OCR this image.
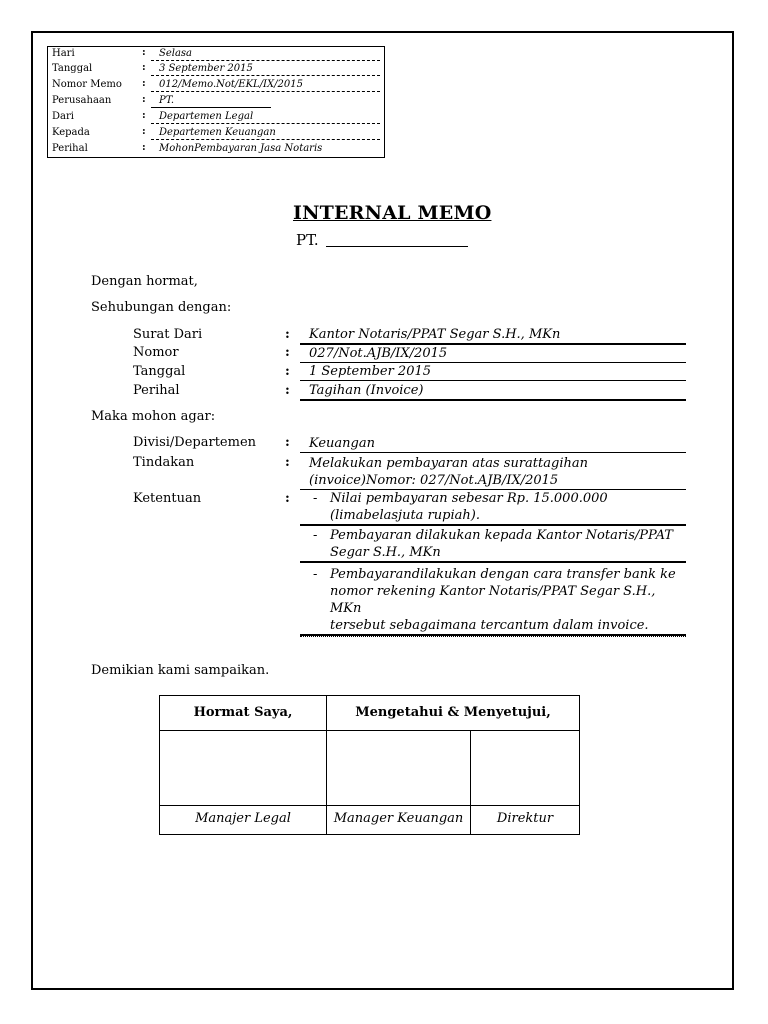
Hari	:	Selasa
Tanggal	:	3 September 2015
Nomor Memo :	012/Memo.Not/EKL/IX/2015
Perusahaan	:	PT.
Dari	:	Departemen Legal
Kepada	:	Departemen Keuangan
Perihal	:	MohonPembayaran Jasa Notaris
INTERNAL MEMO
PT.
Dengan hormat,
Sehubungan dengan:
Surat Dari	:	Kantor Notaris/PPAT Segar S.H., MKn
Nomor	:	027/Not.AJB/IX/2015
Tanggal	:	1 September 2015
Perihal	:	Tagihan (Invoice)
Maka mohon agar:
Divisi/Departemen :	Keuangan
Tindakan	: Melakukan pembayaran atas surattagihan
(invoice)Nomor: 027/Not.AJB/IX/2015
Ketentuan	: - Nilai pembayaran sebesar Rp. 15.000.000
(limabelasjuta rupiah).
- Pembayaran dilakukan kepada Kantor Notaris/PPAT
Segar S.H., MKn
- Pembayarandilakukan dengan cara transfer bank ke
nomor rekening Kantor Notaris/PPAT Segar S.H., MKn
tersebut sebagaimana tercantum dalam invoice.
Demikian kami sampaikan.
Hormat Saya,	Mengetahui & Menyetujui,
Manajer Legal	Manager Keuangan	Direktur
